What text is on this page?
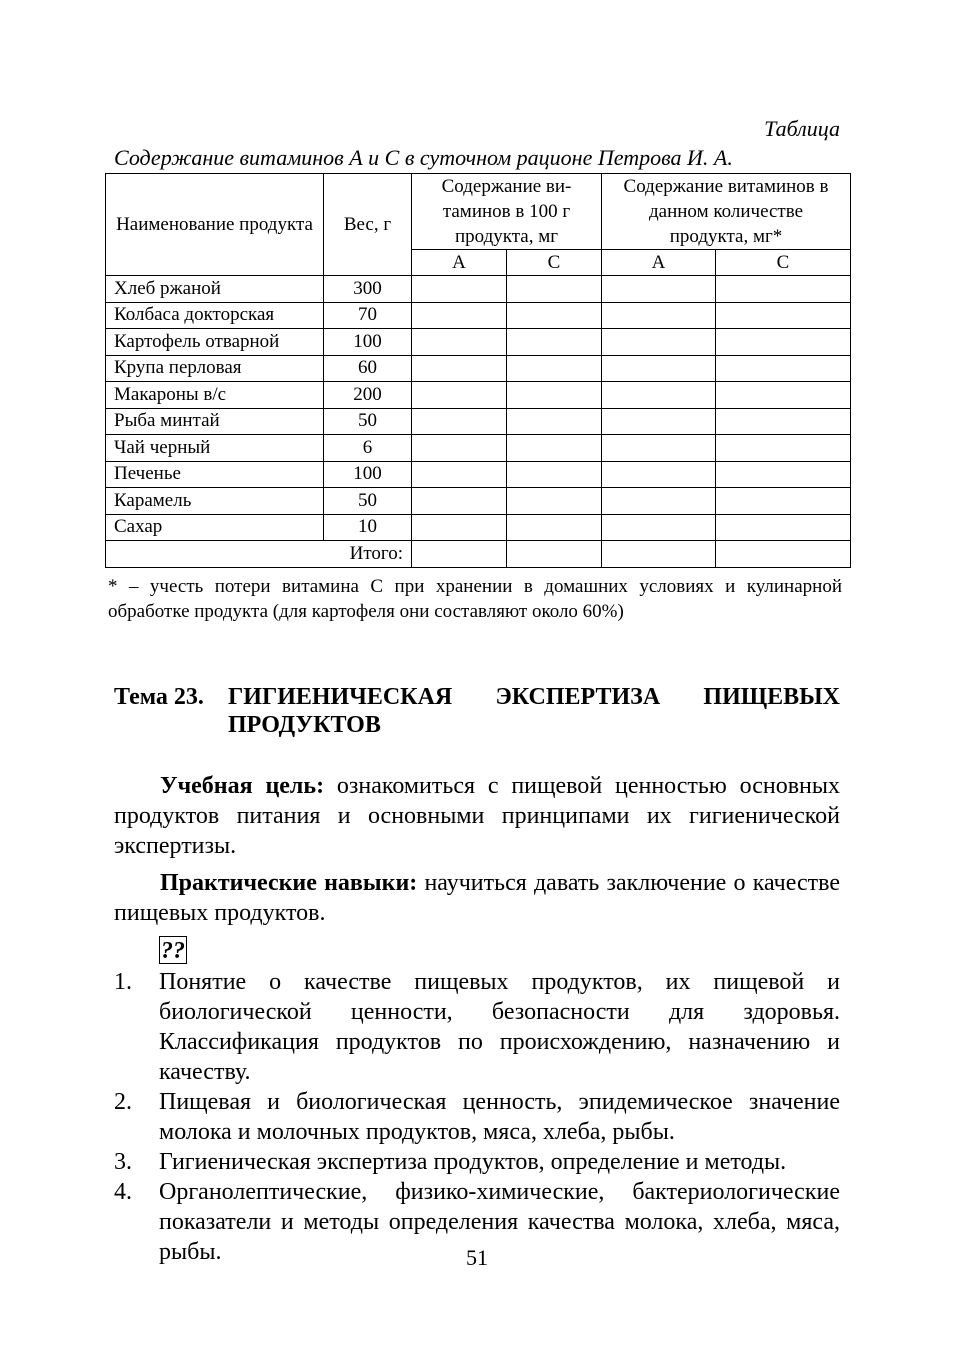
Таблица
Содержание витаминов А и С в суточном рационе Петрова И. А.
Наименование продукта	Вес, г	Содержание ви-таминов в 100 г продукта, мг		Содержание витаминов в данном количестве продукта, мг*	
		А	С	А	С
Хлеб ржаной	300				
Колбаса докторская	70				
Картофель отварной	100				
Крупа перловая	60				
Макароны в/с	200				
Рыба минтай	50				
Чай черный	6				
Печенье	100				
Карамель	50				
Сахар	10				
Итого:					
* – учесть потери витамина С при хранении в домашних условиях и кулинарной обработке продукта (для картофеля они составляют около 60%)
Тема 23. ГИГИЕНИЧЕСКАЯ ЭКСПЕРТИЗА ПИЩЕВЫХ
ПРОДУКТОВ
Учебная цель: ознакомиться с пищевой ценностью основных продуктов питания и основными принципами их гигиенической экспертизы.
Практические навыки: научиться давать заключение о качестве пищевых продуктов.
??
1. Понятие о качестве пищевых продуктов, их пищевой и биологической ценности, безопасности для здоровья. Классификация продуктов по происхождению, назначению и качеству.
2. Пищевая и биологическая ценность, эпидемическое значение молока и молочных продуктов, мяса, хлеба, рыбы.
3. Гигиеническая экспертиза продуктов, определение и методы.
4. Органолептические, физико-химические, бактериологические показатели и методы определения качества молока, хлеба, мяса, рыбы.	51
